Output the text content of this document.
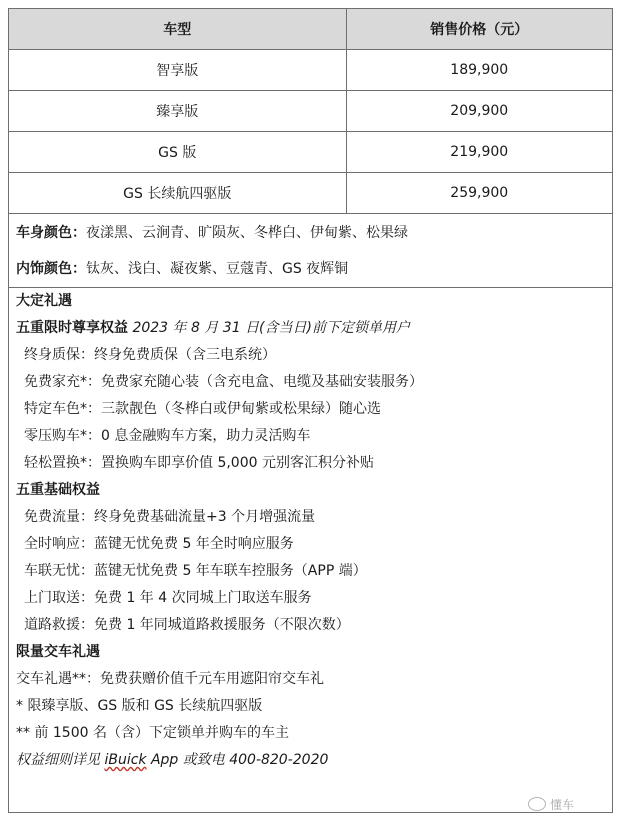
车型	销售价格（元）
智享版	189,900
臻享版	209,900
GS 版	219,900
GS 长续航四驱版	259,900
车身颜色：夜漾黑、云涧青、旷陨灰、冬桦白、伊甸紫、松果绿
内饰颜色：钛灰、浅白、凝夜紫、豆蔻青、GS 夜辉铜
大定礼遇
五重限时尊享权益 2023 年 8 月 31 日(含当日)前下定锁单用户
终身质保：终身免费质保（含三电系统）
免费家充*：免费家充随心装（含充电盒、电缆及基础安装服务）
特定车色*：三款靓色（冬桦白或伊甸紫或松果绿）随心选
零压购车*：0 息金融购车方案，助力灵活购车
轻松置换*：置换购车即享价值 5,000 元别客汇积分补贴
五重基础权益
免费流量：终身免费基础流量+3 个月增强流量
全时响应：蓝键无忧免费 5 年全时响应服务
车联无忧：蓝键无忧免费 5 年车联车控服务（APP 端）
上门取送：免费 1 年 4 次同城上门取送车服务
道路救援：免费 1 年同城道路救援服务（不限次数）
限量交车礼遇
交车礼遇**：免费获赠价值千元车用遮阳帘交车礼
* 限臻享版、GS 版和 GS 长续航四驱版
** 前 1500 名（含）下定锁单并购车的车主
权益细则详见 iBuick App 或致电 400-820-2020
懂车
